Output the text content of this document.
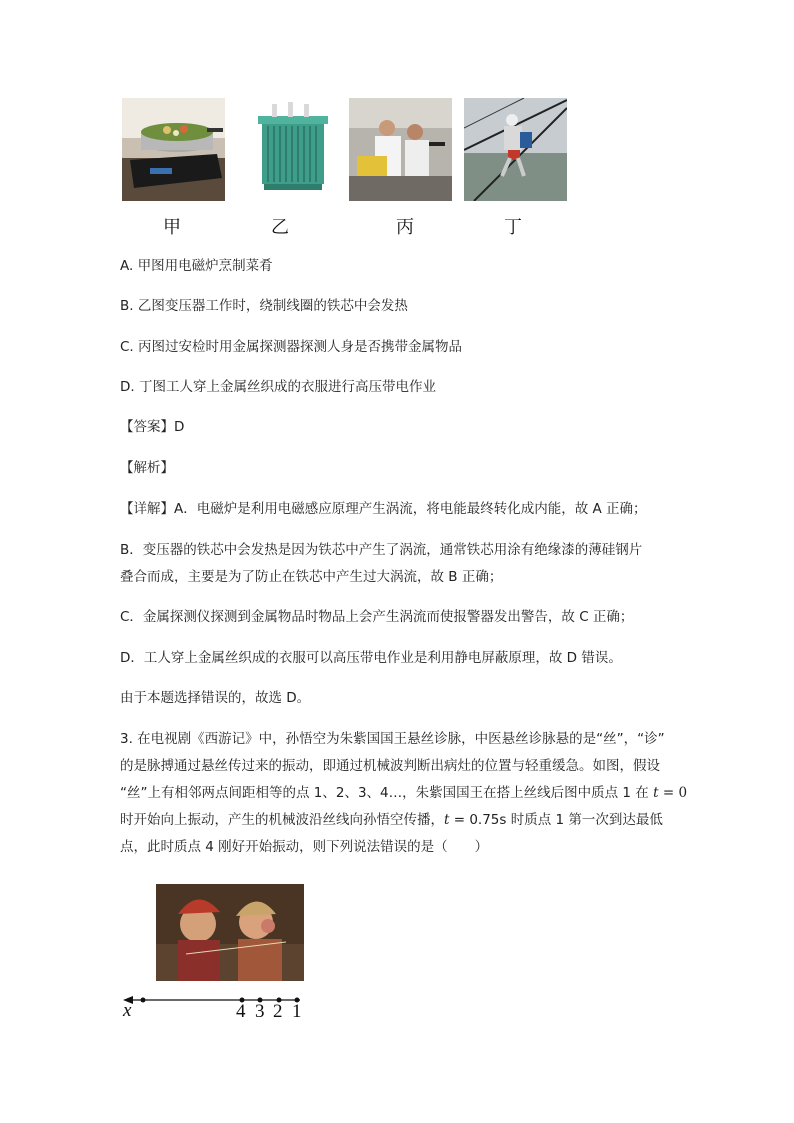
甲	乙	丙	丁
A. 甲图用电磁炉烹制菜肴
B. 乙图变压器工作时，绕制线圈的铁芯中会发热
C. 丙图过安检时用金属探测器探测人身是否携带金属物品
D. 丁图工人穿上金属丝织成的衣服进行高压带电作业
【答案】D
【解析】
【详解】A．电磁炉是利用电磁感应原理产生涡流，将电能最终转化成内能，故 A 正确；
B．变压器的铁芯中会发热是因为铁芯中产生了涡流，通常铁芯用涂有绝缘漆的薄硅钢片
叠合而成，主要是为了防止在铁芯中产生过大涡流，故 B 正确；
C．金属探测仪探测到金属物品时物品上会产生涡流而使报警器发出警告，故 C 正确；
D．工人穿上金属丝织成的衣服可以高压带电作业是利用静电屏蔽原理，故 D 错误。
由于本题选择错误的，故选 D。
3. 在电视剧《西游记》中，孙悟空为朱紫国国王悬丝诊脉，中医悬丝诊脉悬的是“丝”，“诊”
的是脉搏通过悬丝传过来的振动，即通过机械波判断出病灶的位置与轻重缓急。如图，假设
“丝”上有相邻两点间距相等的点 1、2、3、4…，朱紫国国王在搭上丝线后图中质点 1 在 t = 0
时开始向上振动，产生的机械波沿丝线向孙悟空传播，t = 0.75s 时质点 1 第一次到达最低
点，此时质点 4 刚好开始振动，则下列说法错误的是（　　）
x	4 3 2 1
